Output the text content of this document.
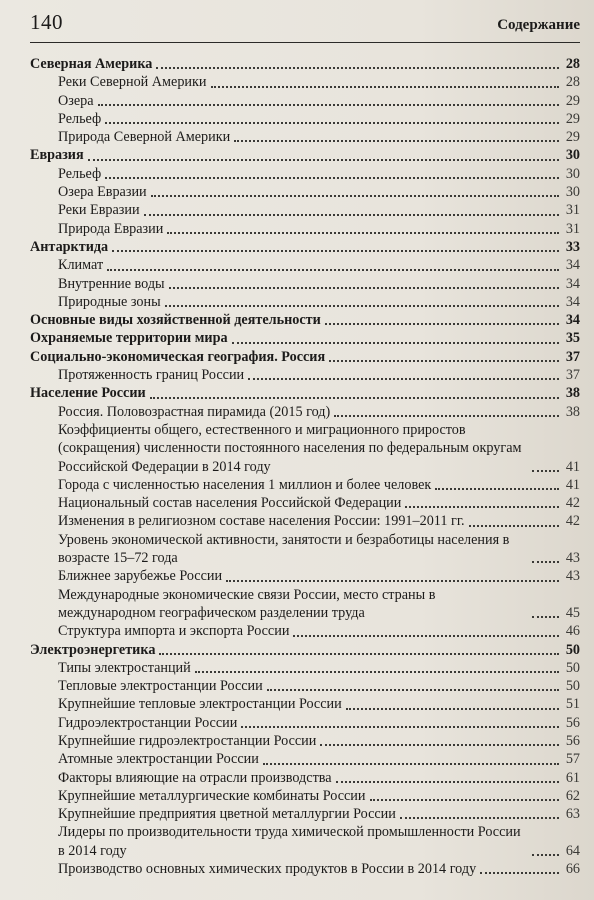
140	Содержание
Северная Америка	28
Реки Северной Америки	28
Озера	29
Рельеф	29
Природа Северной Америки	29
Евразия	30
Рельеф	30
Озера Евразии	30
Реки Евразии	31
Природа Евразии	31
Антарктида	33
Климат	34
Внутренние воды	34
Природные зоны	34
Основные виды хозяйственной деятельности	34
Охраняемые территории мира	35
Социально-экономическая география. Россия	37
Протяженность границ России	37
Население России	38
Россия. Половозрастная пирамида (2015 год)	38
Коэффициенты общего, естественного и миграционного приростов (сокращения) численности постоянного населения по федеральным округам Российской Федерации в 2014 году	41
Города с численностью населения 1 миллион и более человек	41
Национальный состав населения Российской Федерации	42
Изменения в религиозном составе населения России: 1991–2011 гг.	42
Уровень экономической активности, занятости и безработицы населения в возрасте 15–72 года	43
Ближнее зарубежье России	43
Международные экономические связи России, место страны в международном географическом разделении труда	45
Структура импорта и экспорта России	46
Электроэнергетика	50
Типы электростанций	50
Тепловые электростанции России	50
Крупнейшие тепловые электростанции России	51
Гидроэлектростанции России	56
Крупнейшие гидроэлектростанции России	56
Атомные электростанции России	57
Факторы влияющие на отрасли производства	61
Крупнейшие металлургические комбинаты России	62
Крупнейшие предприятия цветной металлургии России	63
Лидеры по производительности труда химической промышленности России в 2014 году	64
Производство основных химических продуктов в России в 2014 году	66
